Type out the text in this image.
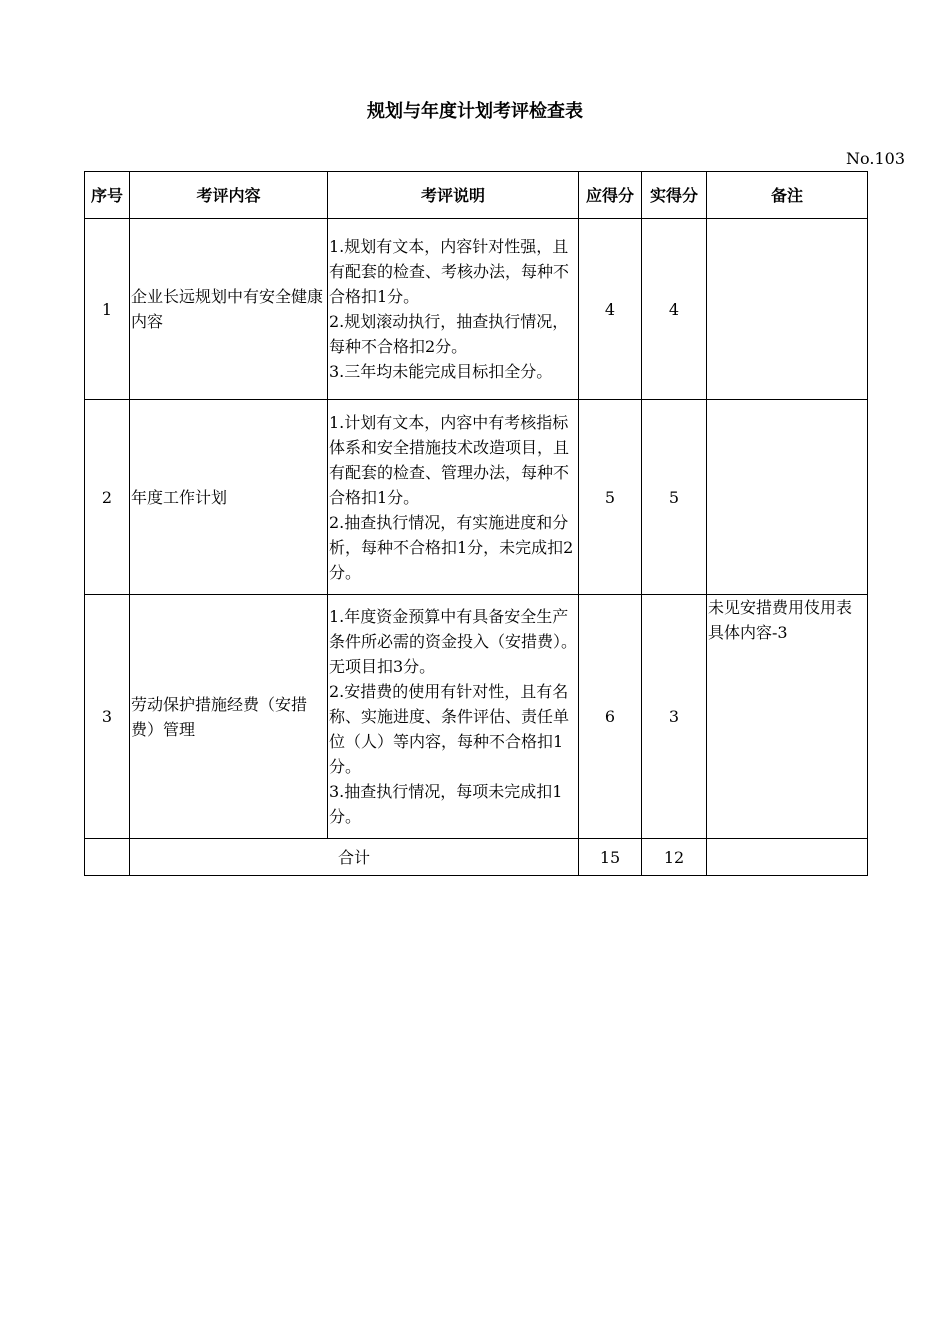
规划与年度计划考评检查表
No.103
序号	考评内容	考评说明	应得分	实得分	备注
1	企业长远规划中有安全健康内容	1.规划有文本，内容针对性强，且有配套的检查、考核办法，每种不合格扣1分。
2.规划滚动执行，抽查执行情况，每种不合格扣2分。
3.三年均未能完成目标扣全分。	4	4	
2	年度工作计划	1.计划有文本，内容中有考核指标体系和安全措施技术改造项目，且有配套的检查、管理办法，每种不合格扣1分。
2.抽查执行情况，有实施进度和分析，每种不合格扣1分，未完成扣2分。	5	5	
3	劳动保护措施经费（安措费）管理	1.年度资金预算中有具备安全生产条件所必需的资金投入（安措费）。无项目扣3分。
2.安措费的使用有针对性，且有名称、实施进度、条件评估、责任单位（人）等内容，每种不合格扣1分。
3.抽查执行情况，每项未完成扣1分。	6	3	未见安措费用伎用表具体内容-3
	合计		15	12	
